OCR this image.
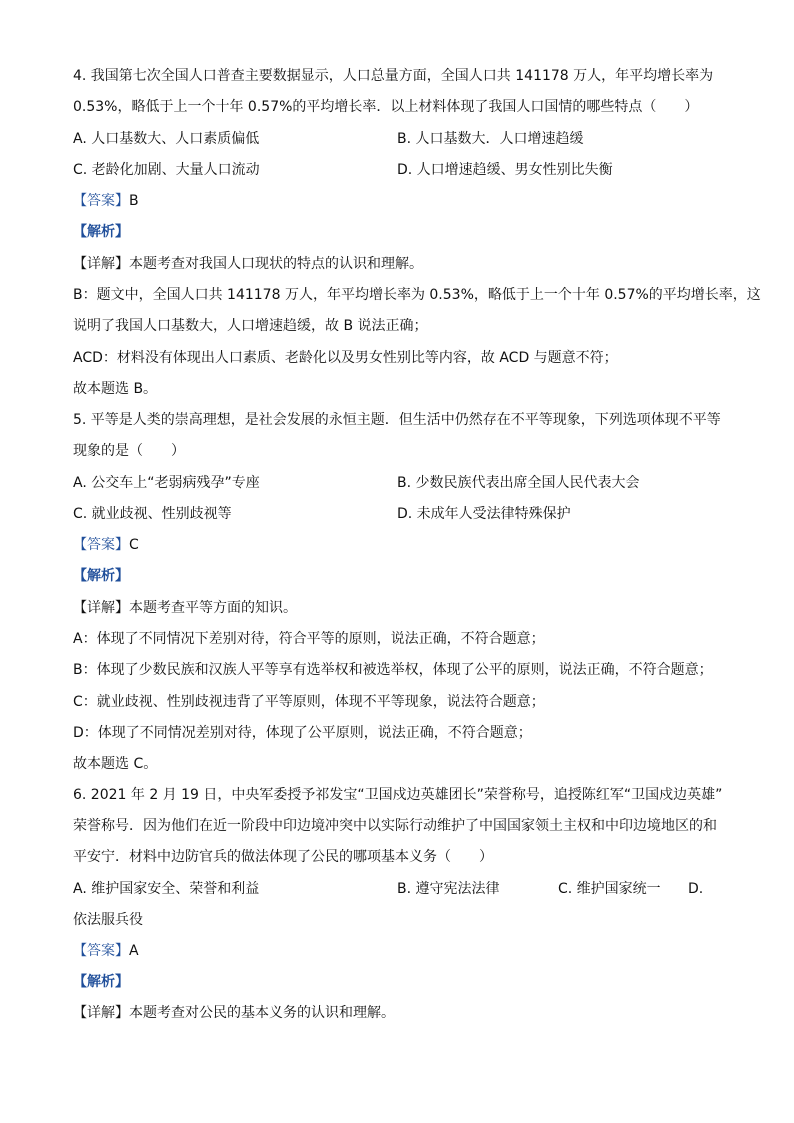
4. 我国第七次全国人口普查主要数据显示，人口总量方面，全国人口共 141178 万人，年平均增长率为
0.53%，略低于上一个十年 0.57%的平均增长率．以上材料体现了我国人口国情的哪些特点（　　）
A. 人口基数大、人口素质偏低	B. 人口基数大．人口增速趋缓
C. 老龄化加剧、大量人口流动	D. 人口增速趋缓、男女性别比失衡
【答案】B
【解析】
【详解】本题考查对我国人口现状的特点的认识和理解。
B：题文中，全国人口共 141178 万人，年平均增长率为 0.53%，略低于上一个十年 0.57%的平均增长率，这
说明了我国人口基数大，人口增速趋缓，故 B 说法正确；
ACD：材料没有体现出人口素质、老龄化以及男女性别比等内容，故 ACD 与题意不符；
故本题选 B。
5. 平等是人类的崇高理想，是社会发展的永恒主题．但生活中仍然存在不平等现象，下列选项体现不平等
现象的是（　　）
A. 公交车上“老弱病残孕”专座	B. 少数民族代表出席全国人民代表大会
C. 就业歧视、性别歧视等	D. 未成年人受法律特殊保护
【答案】C
【解析】
【详解】本题考查平等方面的知识。
A：体现了不同情况下差别对待，符合平等的原则，说法正确，不符合题意；
B：体现了少数民族和汉族人平等享有选举权和被选举权，体现了公平的原则，说法正确，不符合题意；
C：就业歧视、性别歧视违背了平等原则，体现不平等现象，说法符合题意；
D：体现了不同情况差别对待，体现了公平原则，说法正确，不符合题意；
故本题选 C。
6. 2021 年 2 月 19 日，中央军委授予祁发宝“卫国戍边英雄团长”荣誉称号，追授陈红军“卫国戍边英雄”
荣誉称号．因为他们在近一阶段中印边境冲突中以实际行动维护了中国国家领土主权和中印边境地区的和
平安宁．材料中边防官兵的做法体现了公民的哪项基本义务（　　）
A. 维护国家安全、荣誉和利益	B. 遵守宪法法律	C. 维护国家统一 D.
依法服兵役
【答案】A
【解析】
【详解】本题考查对公民的基本义务的认识和理解。
